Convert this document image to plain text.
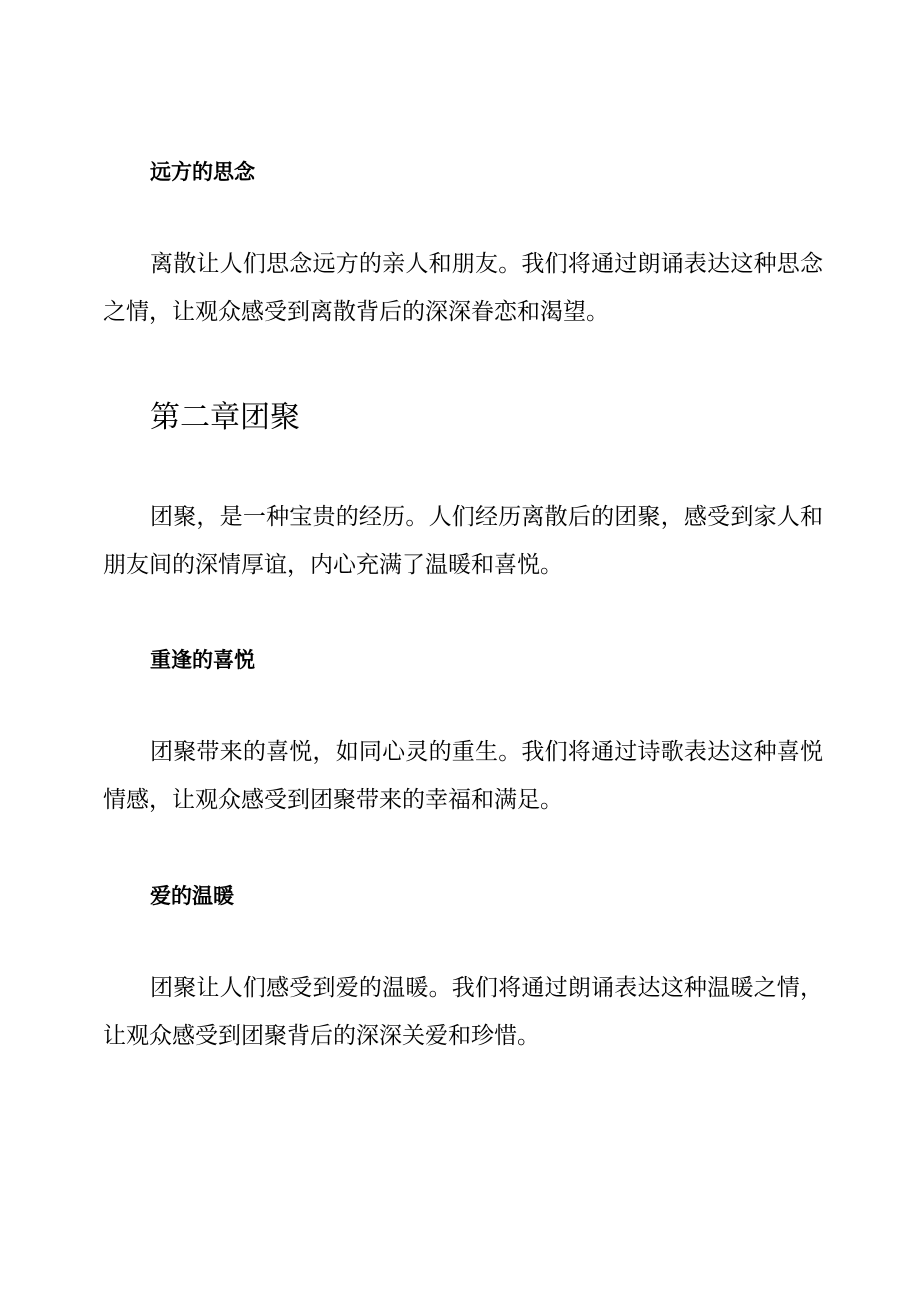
远方的思念
离散让人们思念远方的亲人和朋友。我们将通过朗诵表达这种思念之情，让观众感受到离散背后的深深眷恋和渴望。
第二章团聚
团聚，是一种宝贵的经历。人们经历离散后的团聚，感受到家人和朋友间的深情厚谊，内心充满了温暖和喜悦。
重逢的喜悦
团聚带来的喜悦，如同心灵的重生。我们将通过诗歌表达这种喜悦情感，让观众感受到团聚带来的幸福和满足。
爱的温暖
团聚让人们感受到爱的温暖。我们将通过朗诵表达这种温暖之情，让观众感受到团聚背后的深深关爱和珍惜。
